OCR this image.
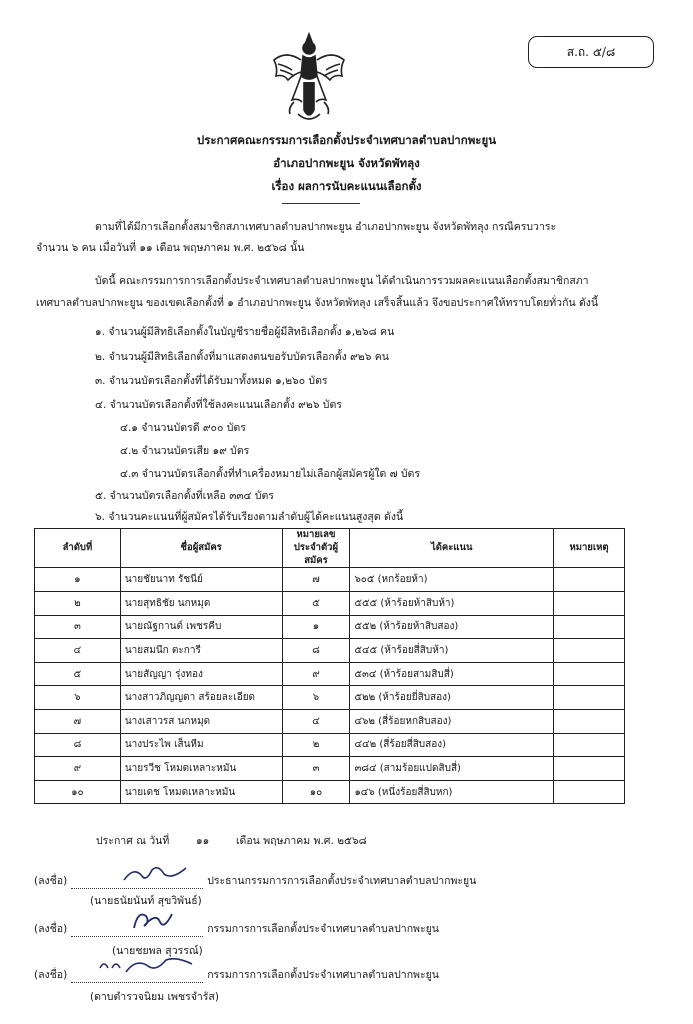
ส.ถ. ๕/๘
ประกาศคณะกรรมการเลือกตั้งประจำเทศบาลตำบลปากพะยูน
อำเภอปากพะยูน จังหวัดพัทลุง
เรื่อง ผลการนับคะแนนเลือกตั้ง
ตามที่ได้มีการเลือกตั้งสมาชิกสภาเทศบาลตำบลปากพะยูน อำเภอปากพะยูน จังหวัดพัทลุง กรณีครบวาระ
จำนวน ๖ คน เมื่อวันที่ ๑๑ เดือน พฤษภาคม พ.ศ. ๒๕๖๘ นั้น
บัดนี้ คณะกรรมการการเลือกตั้งประจำเทศบาลตำบลปากพะยูน ได้ดำเนินการรวมผลคะแนนเลือกตั้งสมาชิกสภา
เทศบาลตำบลปากพะยูน ของเขตเลือกตั้งที่ ๑ อำเภอปากพะยูน จังหวัดพัทลุง เสร็จสิ้นแล้ว จึงขอประกาศให้ทราบโดยทั่วกัน ดังนี้
๑. จำนวนผู้มีสิทธิเลือกตั้งในบัญชีรายชื่อผู้มีสิทธิเลือกตั้ง ๑,๒๖๘ คน
๒. จำนวนผู้มีสิทธิเลือกตั้งที่มาแสดงตนขอรับบัตรเลือกตั้ง ๙๒๖ คน
๓. จำนวนบัตรเลือกตั้งที่ได้รับมาทั้งหมด ๑,๒๖๐ บัตร
๔. จำนวนบัตรเลือกตั้งที่ใช้ลงคะแนนเลือกตั้ง ๙๒๖ บัตร
๔.๑ จำนวนบัตรดี ๙๐๐ บัตร
๔.๒ จำนวนบัตรเสีย ๑๙ บัตร
๔.๓ จำนวนบัตรเลือกตั้งที่ทำเครื่องหมายไม่เลือกผู้สมัครผู้ใด ๗ บัตร
๕. จำนวนบัตรเลือกตั้งที่เหลือ ๓๓๔ บัตร
๖. จำนวนคะแนนที่ผู้สมัครได้รับเรียงตามลำดับผู้ได้คะแนนสูงสุด ดังนี้
ลำดับที่	ชื่อผู้สมัคร	หมายเลข
ประจำตัวผู้สมัคร	ได้คะแนน	หมายเหตุ
๑	นายชัยนาท รัชนีย์	๗	๖๐๕ (หกร้อยห้า)	
๒	นายสุทธิชัย นกหมุด	๕	๕๕๕ (ห้าร้อยห้าสิบห้า)	
๓	นายณัฐกานต์ เพชรคีบ	๑	๕๕๒ (ห้าร้อยห้าสิบสอง)	
๔	นายสมนึก ตะการี	๘	๕๔๕ (ห้าร้อยสี่สิบห้า)	
๕	นายสัญญา รุ่งทอง	๙	๕๓๔ (ห้าร้อยสามสิบสี่)	
๖	นางสาวภิญญดา สร้อยละเอียด	๖	๕๒๒ (ห้าร้อยยี่สิบสอง)	
๗	นางเสาวรส นกหมุด	๔	๔๖๒ (สี่ร้อยหกสิบสอง)	
๘	นางประไพ เส็นหีม	๒	๔๔๒ (สี่ร้อยสี่สิบสอง)	
๙	นายรวีช โหมดเหลาะหมัน	๓	๓๘๔ (สามร้อยแปดสิบสี่)	
๑๐	นายเดช โหมดเหลาะหมัน	๑๐	๑๔๖ (หนึ่งร้อยสี่สิบหก)	
ประกาศ ณ วันที่	๑๑	เดือน พฤษภาคม พ.ศ. ๒๕๖๘
(ลงชื่อ)	ประธานกรรมการการเลือกตั้งประจำเทศบาลตำบลปากพะยูน
(นายธนัยนันท์ สุขวิพันธ์)
(ลงชื่อ)	กรรมการการเลือกตั้งประจำเทศบาลตำบลปากพะยูน
(นายชยพล สุวรรณ์)
(ลงชื่อ)	กรรมการการเลือกตั้งประจำเทศบาลตำบลปากพะยูน
(ดาบตำรวจนิยม เพชรจำรัส)
